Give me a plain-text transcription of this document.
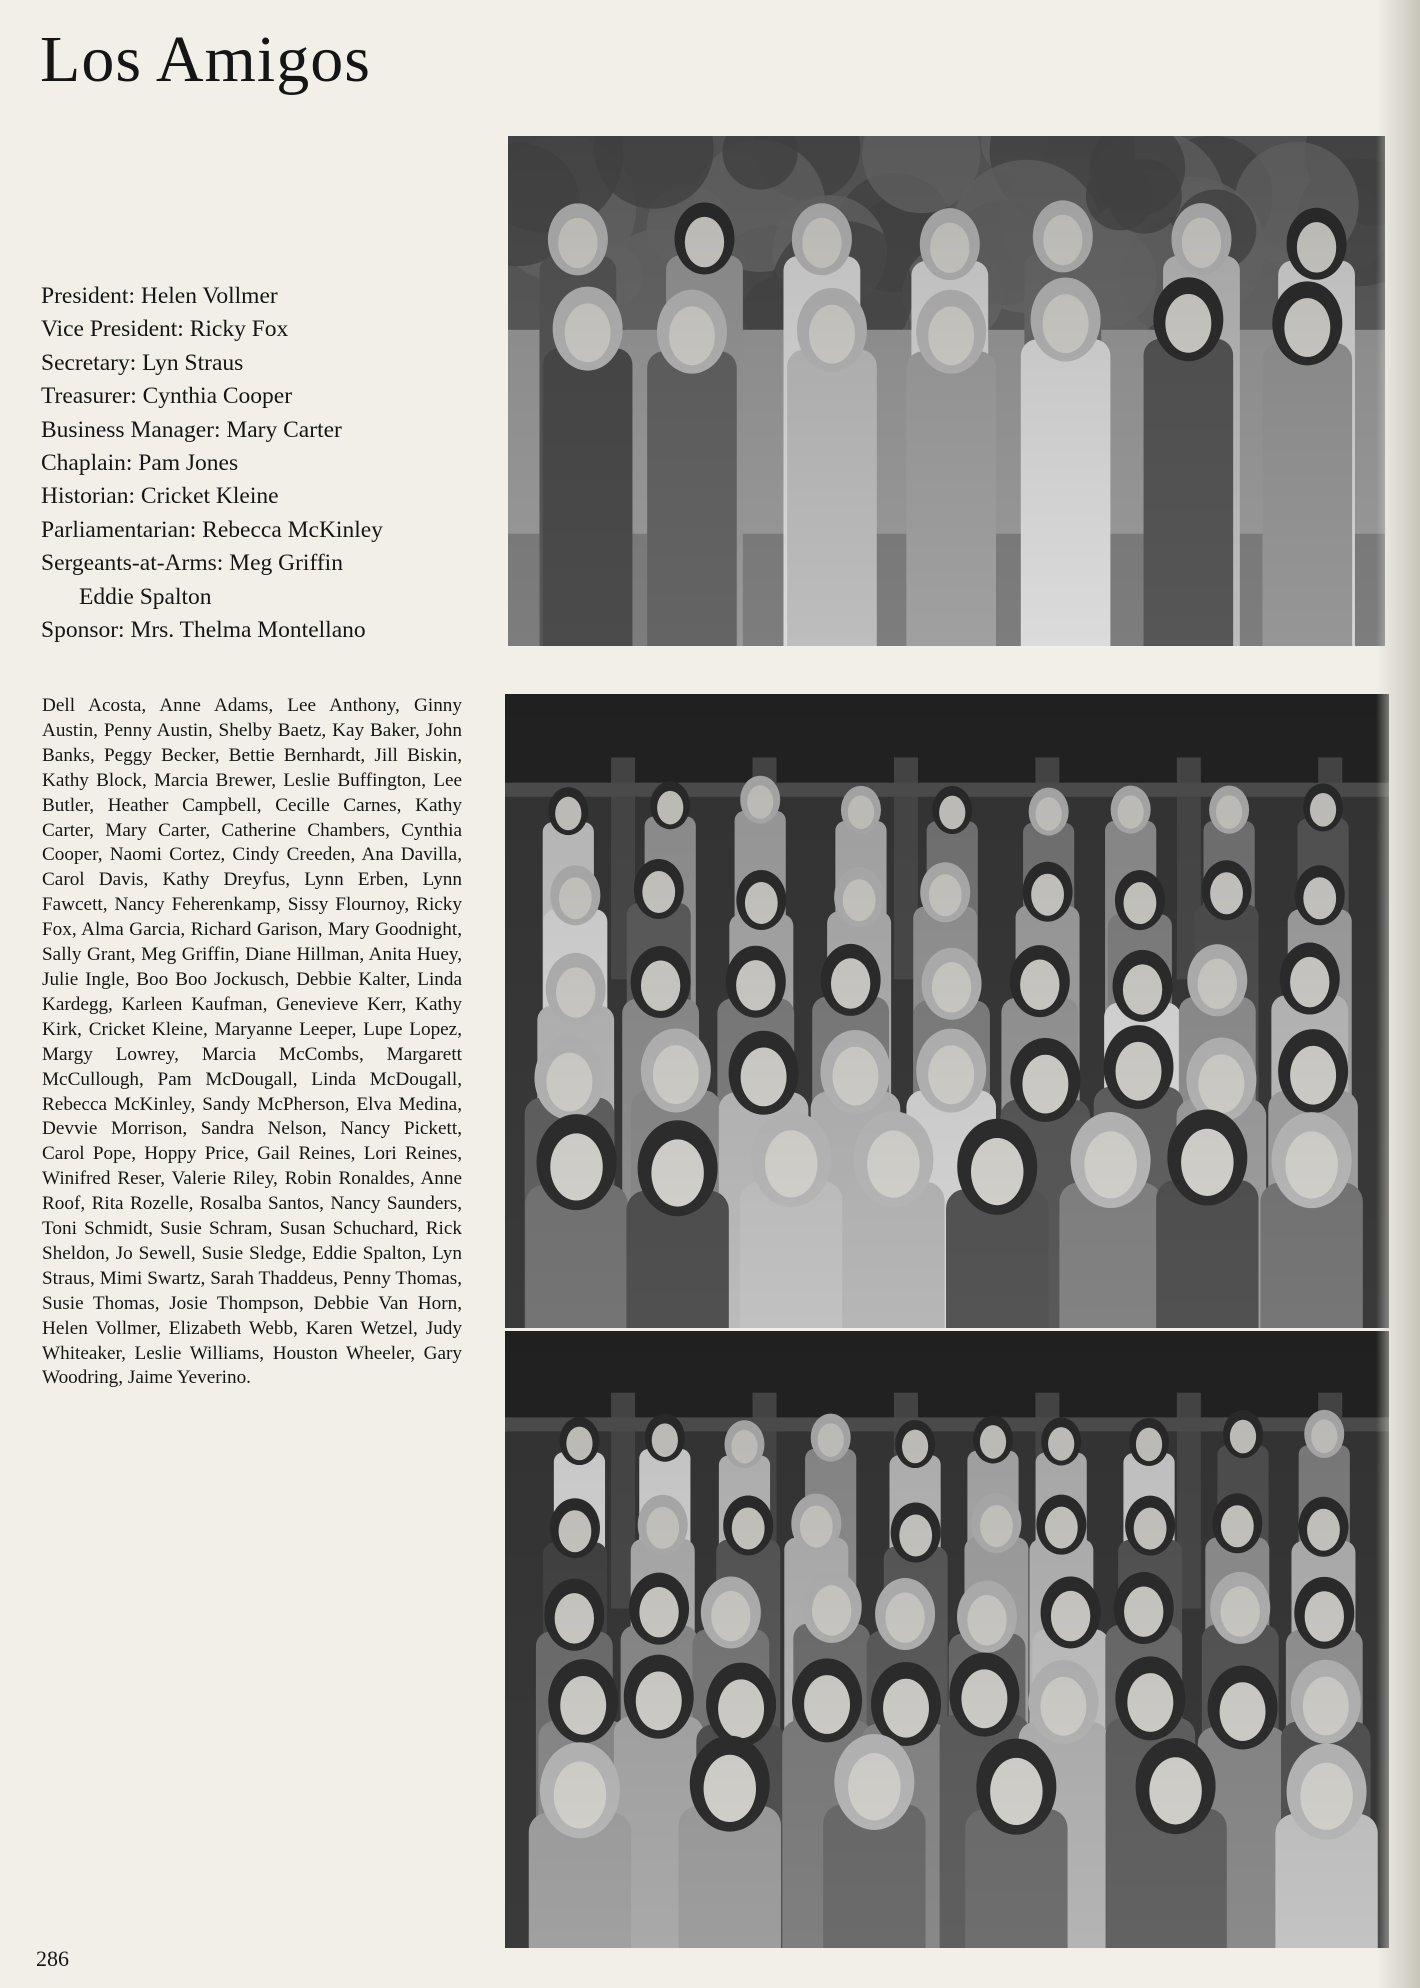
Los Amigos
President: Helen Vollmer
Vice President: Ricky Fox
Secretary: Lyn Straus
Treasurer: Cynthia Cooper
Business Manager: Mary Carter
Chaplain: Pam Jones
Historian: Cricket Kleine
Parliamentarian: Rebecca McKinley
Sergeants-at-Arms: Meg Griffin
Eddie Spalton
Sponsor: Mrs. Thelma Montellano
Dell Acosta, Anne Adams, Lee Anthony, Ginny Austin, Penny Austin, Shelby Baetz, Kay Baker, John Banks, Peggy Becker, Bettie Bernhardt, Jill Biskin, Kathy Block, Marcia Brewer, Leslie Buffington, Lee Butler, Heather Campbell, Cecille Carnes, Kathy Carter, Mary Carter, Catherine Chambers, Cynthia Cooper, Naomi Cortez, Cindy Creeden, Ana Davilla, Carol Davis, Kathy Dreyfus, Lynn Erben, Lynn Fawcett, Nancy Feherenkamp, Sissy Flournoy, Ricky Fox, Alma Garcia, Richard Garison, Mary Goodnight, Sally Grant, Meg Griffin, Diane Hillman, Anita Huey, Julie Ingle, Boo Boo Jockusch, Debbie Kalter, Linda Kardegg, Karleen Kaufman, Genevieve Kerr, Kathy Kirk, Cricket Kleine, Maryanne Leeper, Lupe Lopez, Margy Lowrey, Marcia McCombs, Margarett McCullough, Pam McDougall, Linda McDougall, Rebecca McKinley, Sandy McPherson, Elva Medina, Devvie Morrison, Sandra Nelson, Nancy Pickett, Carol Pope, Hoppy Price, Gail Reines, Lori Reines, Winifred Reser, Valerie Riley, Robin Ronaldes, Anne Roof, Rita Rozelle, Rosalba Santos, Nancy Saunders, Toni Schmidt, Susie Schram, Susan Schuchard, Rick Sheldon, Jo Sewell, Susie Sledge, Eddie Spalton, Lyn Straus, Mimi Swartz, Sarah Thaddeus, Penny Thomas, Susie Thomas, Josie Thompson, Debbie Van Horn, Helen Vollmer, Elizabeth Webb, Karen Wetzel, Judy Whiteaker, Leslie Williams, Houston Wheeler, Gary Woodring, Jaime Yeverino.
286
